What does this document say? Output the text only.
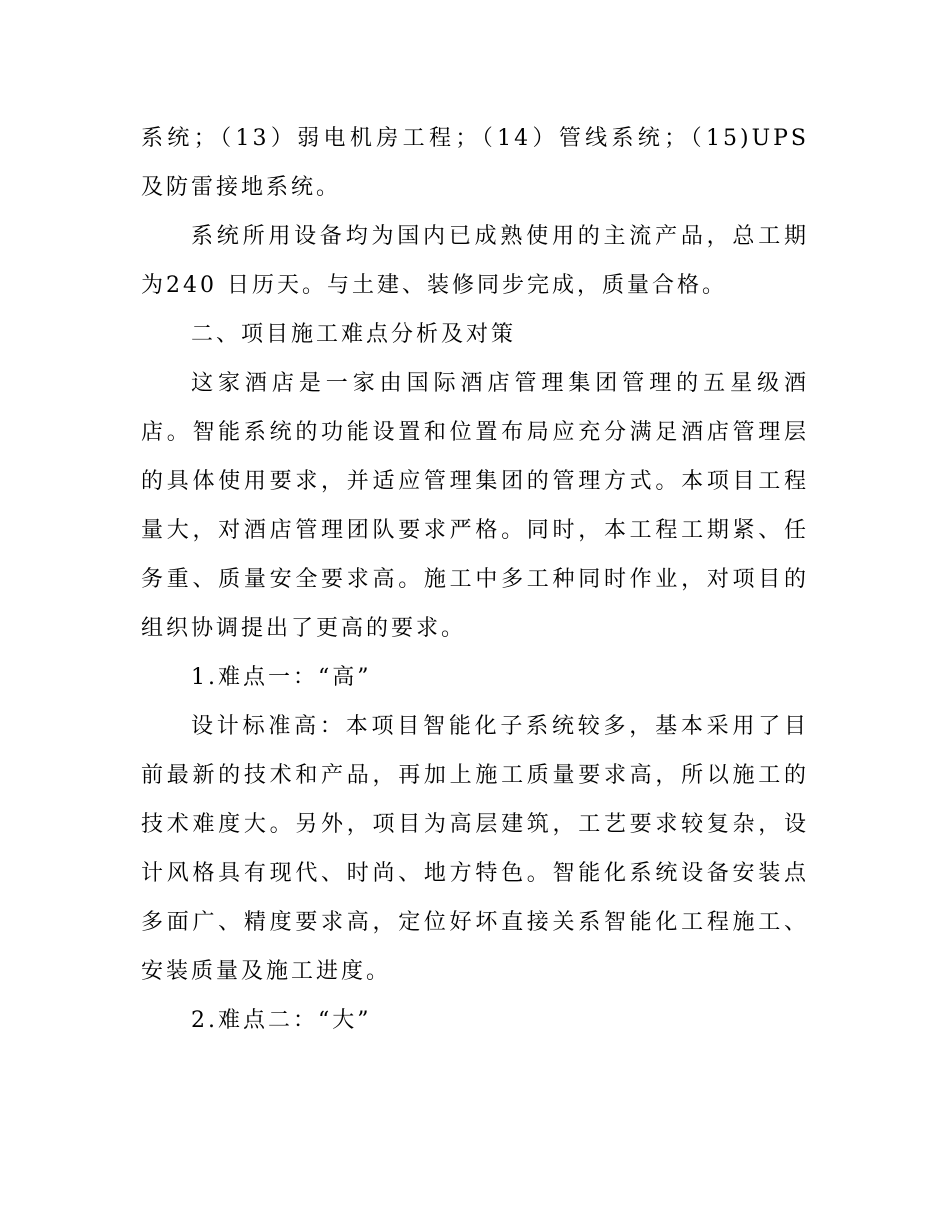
系统；（13）弱电机房工程；（14）管线系统；（15)UPS 及防雷接地系统。

系统所用设备均为国内已成熟使用的主流产品，总工期为240 日历天。与土建、装修同步完成，质量合格。

二、项目施工难点分析及对策

这家酒店是一家由国际酒店管理集团管理的五星级酒店。智能系统的功能设置和位置布局应充分满足酒店管理层的具体使用要求，并适应管理集团的管理方式。本项目工程量大，对酒店管理团队要求严格。同时，本工程工期紧、任务重、质量安全要求高。施工中多工种同时作业，对项目的组织协调提出了更高的要求。

1.难点一：“高”

设计标准高：本项目智能化子系统较多，基本采用了目前最新的技术和产品，再加上施工质量要求高，所以施工的技术难度大。另外，项目为高层建筑，工艺要求较复杂，设计风格具有现代、时尚、地方特色。智能化系统设备安装点多面广、精度要求高，定位好坏直接关系智能化工程施工、安装质量及施工进度。

2.难点二：“大”
